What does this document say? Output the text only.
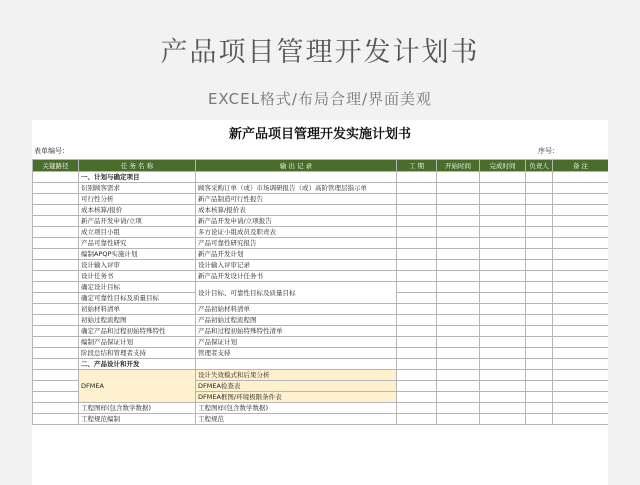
产品项目管理开发计划书
EXCEL格式/布局合理/界面美观
新产品项目管理开发实施计划书
表单编号：	序号：
关键路径	任 务 名 称	输 出 记 录	工 期	开始时间	完成时间	负责人	备 注
	一、计划与确定项目						
	识别顾客需求	顾客采购订单（或）市场调研报告（或）高阶管理层指示单					
	可行性分析	新产品制造可行性报告					
	成本核算/报价	成本核算/报价表					
	新产品开发申请/立项	新产品开发申请/立项报告					
	成立项目小组	多方论证小组成员及职责表					
	产品可靠性研究	产品可靠性研究报告					
	编制APQP实施计划	新产品开发计划					
	设计输入评审	设计输入评审记录					
	设计任务书	新产品开发设计任务书					
	确定设计目标	设计目标、可靠性目标及质量目标					
	确定可靠性目标及质量目标						
	初始材料清单	产品初始材料清单					
	初始过程流程图	产品初始过程流程图					
	确定产品和过程初始特殊特性	产品和过程初始特殊特性清单					
	编制产品保证计划	产品保证计划					
	阶段总结和管理者支持	管理者支持					
	二、产品设计和开发						
	DFMEA	设计失效模式和后果分析					
		DFMEA检查表					
		DFMEA框图/环境极限条件表					
	工程图样(包含数学数据)	工程图样(包含数学数据)					
	工程规范编制	工程规范					
